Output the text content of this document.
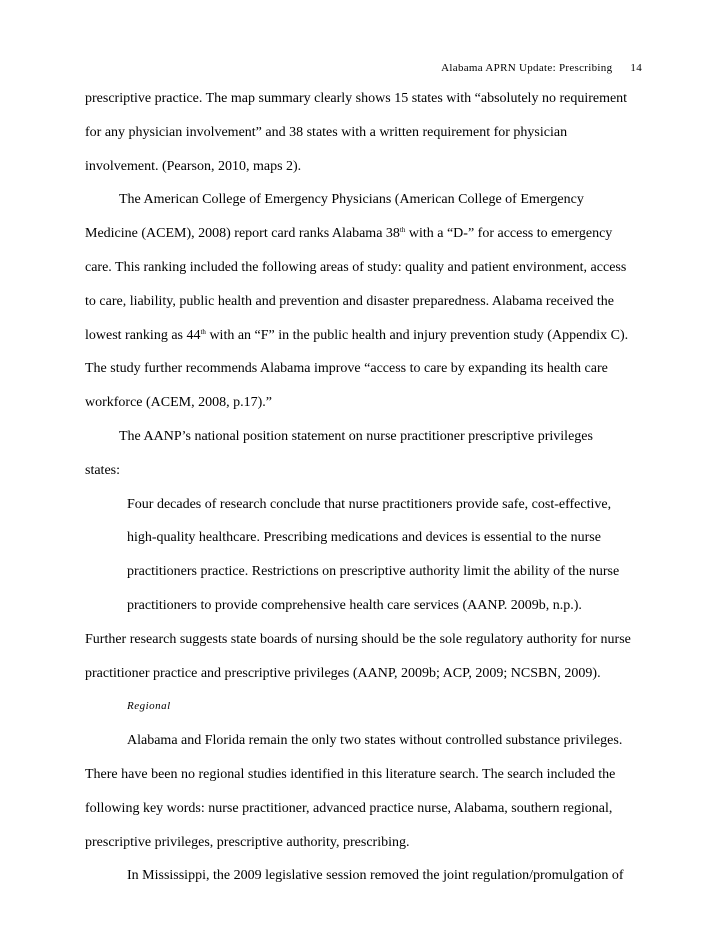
Alabama APRN Update: Prescribing 14
prescriptive practice. The map summary clearly shows 15 states with “absolutely no requirement
for any physician involvement” and 38 states with a written requirement for physician
involvement. (Pearson, 2010, maps 2).
The American College of Emergency Physicians (American College of Emergency
Medicine (ACEM), 2008) report card ranks Alabama 38th with a “D-” for access to emergency
care. This ranking included the following areas of study: quality and patient environment, access
to care, liability, public health and prevention and disaster preparedness. Alabama received the
lowest ranking as 44th with an “F” in the public health and injury prevention study (Appendix C).
The study further recommends Alabama improve “access to care by expanding its health care
workforce (ACEM, 2008, p.17).”
The AANP’s national position statement on nurse practitioner prescriptive privileges
states:
Four decades of research conclude that nurse practitioners provide safe, cost-effective,
high-quality healthcare. Prescribing medications and devices is essential to the nurse
practitioners practice. Restrictions on prescriptive authority limit the ability of the nurse
practitioners to provide comprehensive health care services (AANP. 2009b, n.p.).
Further research suggests state boards of nursing should be the sole regulatory authority for nurse
practitioner practice and prescriptive privileges (AANP, 2009b; ACP, 2009; NCSBN, 2009).
Regional
Alabama and Florida remain the only two states without controlled substance privileges.
There have been no regional studies identified in this literature search. The search included the
following key words: nurse practitioner, advanced practice nurse, Alabama, southern regional,
prescriptive privileges, prescriptive authority, prescribing.
In Mississippi, the 2009 legislative session removed the joint regulation/promulgation of
